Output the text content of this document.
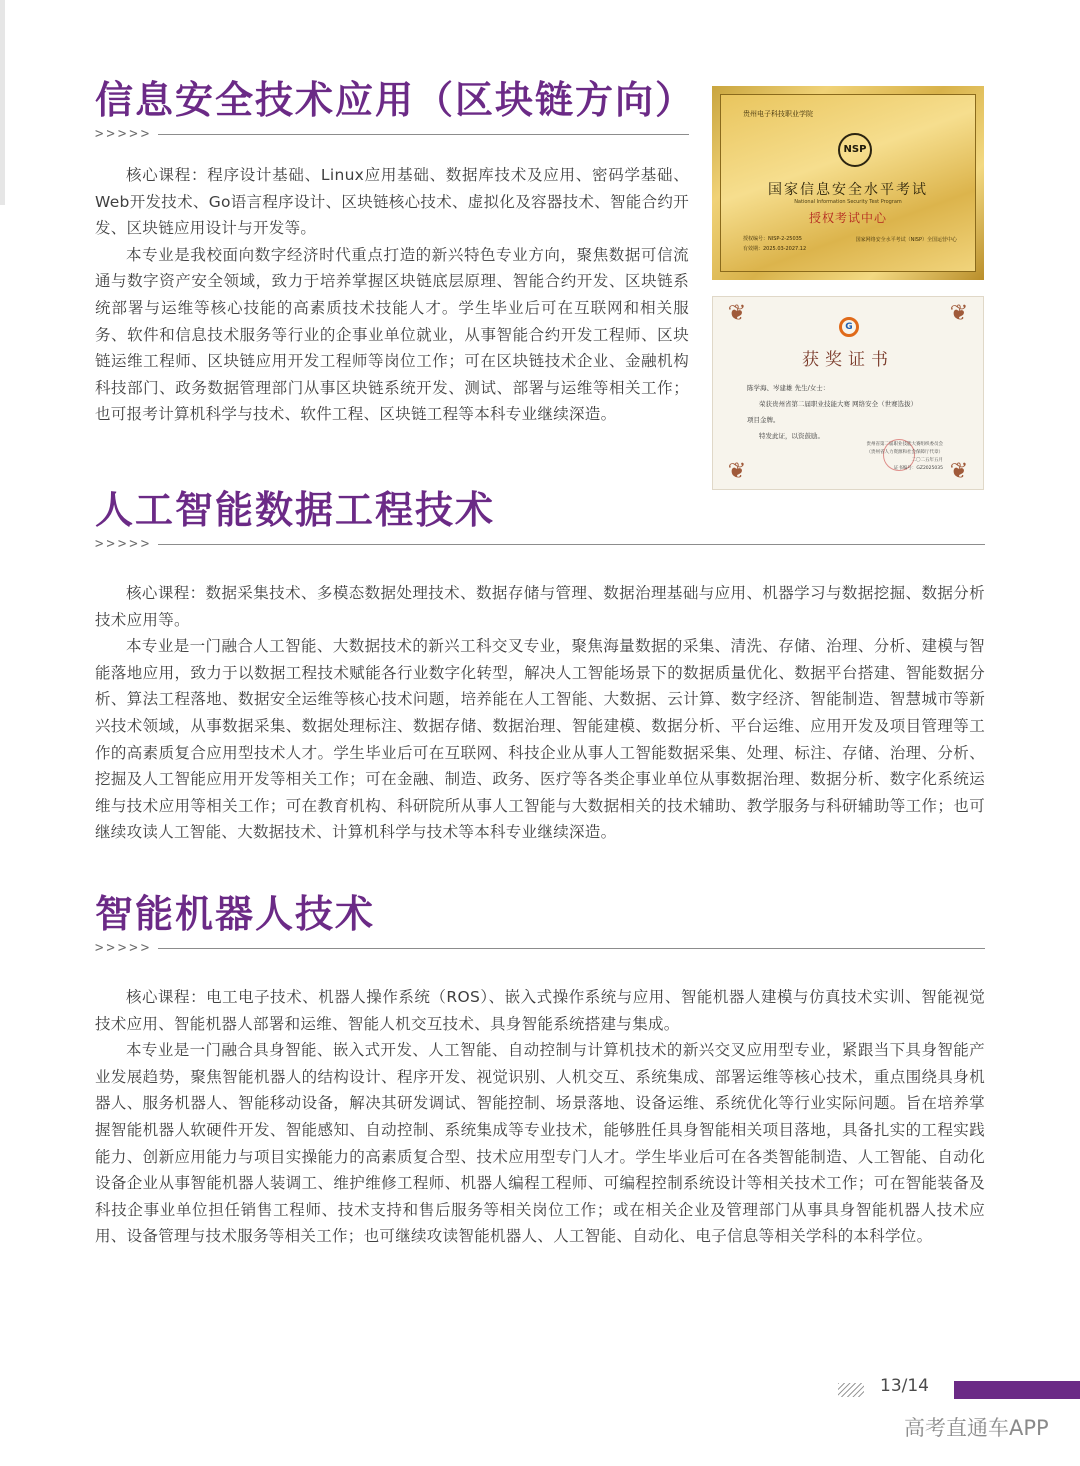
信息安全技术应用（区块链方向）
>>>>>

核心课程：程序设计基础、Linux应用基础、数据库技术及应用、密码学基础、Web开发技术、Go语言程序设计、区块链核心技术、虚拟化及容器技术、智能合约开发、区块链应用设计与开发等。

本专业是我校面向数字经济时代重点打造的新兴特色专业方向，聚焦数据可信流通与数字资产安全领域，致力于培养掌握区块链底层原理、智能合约开发、区块链系统部署与运维等核心技能的高素质技术技能人才。学生毕业后可在互联网和相关服务、软件和信息技术服务等行业的企事业单位就业，从事智能合约开发工程师、区块链运维工程师、区块链应用开发工程师等岗位工作；可在区块链技术企业、金融机构科技部门、政务数据管理部门从事区块链系统开发、测试、部署与运维等相关工作；也可报考计算机科学与技术、软件工程、区块链工程等本科专业继续深造。

贵州电子科技职业学院
NSP
国家信息安全水平考试
National Information Security Test Program
授权考试中心
授权编号：NISP-2-25035
有效期：2025.03-2027.12
国家网络安全水平考试（NISP）全国运营中心
❦	❦
❦	❦
G
获奖证书
陈学海、岑建雄 先生/女士：
荣获贵州省第二届职业技能大赛 网络安全（世赛选拔）
项目金牌。
特发此证，以资鼓励。
贵州省第二届职业技能大赛组织委员会
（贵州省人力资源和社会保障厅代章）
二〇二五年五月
证书编号：GZ2025035
人工智能数据工程技术
>>>>>

核心课程：数据采集技术、多模态数据处理技术、数据存储与管理、数据治理基础与应用、机器学习与数据挖掘、数据分析技术应用等。

本专业是一门融合人工智能、大数据技术的新兴工科交叉专业，聚焦海量数据的采集、清洗、存储、治理、分析、建模与智能落地应用，致力于以数据工程技术赋能各行业数字化转型，解决人工智能场景下的数据质量优化、数据平台搭建、智能数据分析、算法工程落地、数据安全运维等核心技术问题，培养能在人工智能、大数据、云计算、数字经济、智能制造、智慧城市等新兴技术领域，从事数据采集、数据处理标注、数据存储、数据治理、智能建模、数据分析、平台运维、应用开发及项目管理等工作的高素质复合应用型技术人才。学生毕业后可在互联网、科技企业从事人工智能数据采集、处理、标注、存储、治理、分析、挖掘及人工智能应用开发等相关工作；可在金融、制造、政务、医疗等各类企事业单位从事数据治理、数据分析、数字化系统运维与技术应用等相关工作；可在教育机构、科研院所从事人工智能与大数据相关的技术辅助、教学服务与科研辅助等工作；也可继续攻读人工智能、大数据技术、计算机科学与技术等本科专业继续深造。

智能机器人技术
>>>>>

核心课程：电工电子技术、机器人操作系统（ROS）、嵌入式操作系统与应用、智能机器人建模与仿真技术实训、智能视觉技术应用、智能机器人部署和运维、智能人机交互技术、具身智能系统搭建与集成。

本专业是一门融合具身智能、嵌入式开发、人工智能、自动控制与计算机技术的新兴交叉应用型专业，紧跟当下具身智能产业发展趋势，聚焦智能机器人的结构设计、程序开发、视觉识别、人机交互、系统集成、部署运维等核心技术，重点围绕具身机器人、服务机器人、智能移动设备，解决其研发调试、智能控制、场景落地、设备运维、系统优化等行业实际问题。旨在培养掌握智能机器人软硬件开发、智能感知、自动控制、系统集成等专业技术，能够胜任具身智能相关项目落地，具备扎实的工程实践能力、创新应用能力与项目实操能力的高素质复合型、技术应用型专门人才。学生毕业后可在各类智能制造、人工智能、自动化设备企业从事智能机器人装调工、维护维修工程师、机器人编程工程师、可编程控制系统设计等相关技术工作；可在智能装备及科技企事业单位担任销售工程师、技术支持和售后服务等相关岗位工作；或在相关企业及管理部门从事具身智能机器人技术应用、设备管理与技术服务等相关工作；也可继续攻读智能机器人、人工智能、自动化、电子信息等相关学科的本科学位。

13/14
高考直通车APP
